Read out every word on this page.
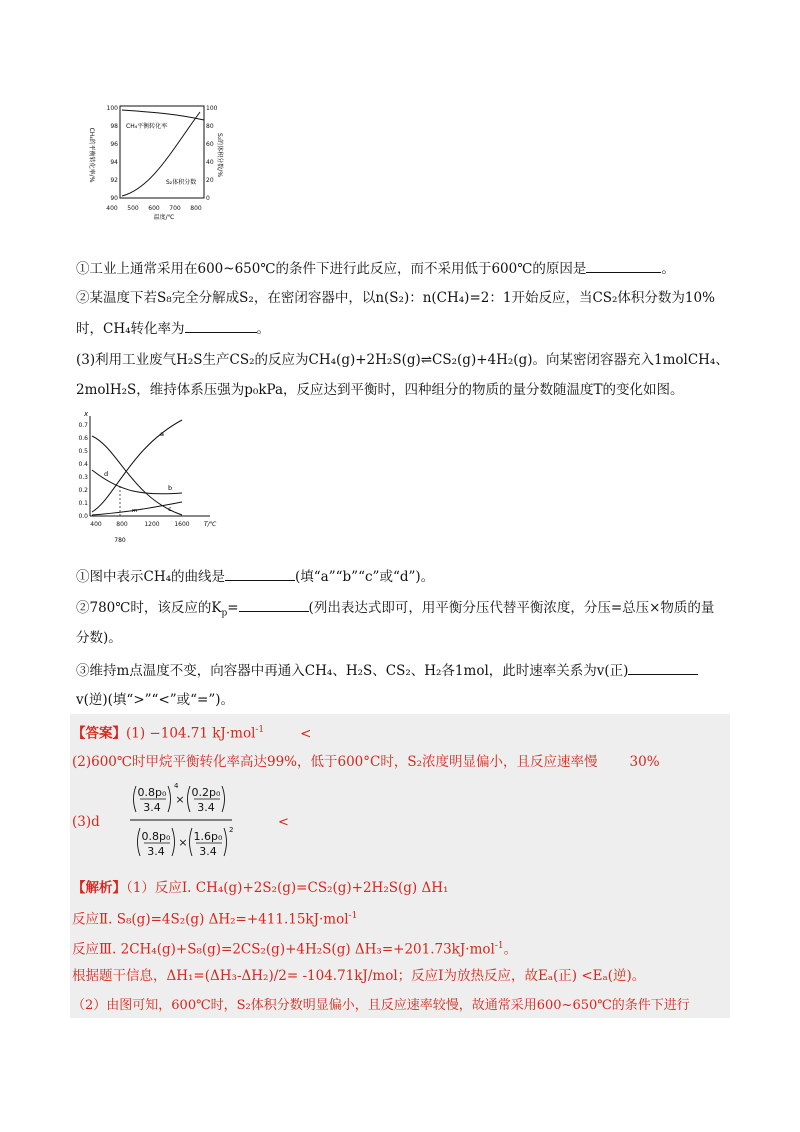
100
98
96
94
92
90
100
80
60
40
20
0
400 500 600 700 800
温度/℃
CH₄的平衡转化率/%	S₂的体积分数/%
CH₄平衡转化率
S₂体积分数
①工业上通常采用在600~650℃的条件下进行此反应，而不采用低于600℃的原因是	。
②某温度下若S₈完全分解成S₂，在密闭容器中，以n(S₂)：n(CH₄)=2：1开始反应，当CS₂体积分数为10%
时，CH₄转化率为	。
(3)利用工业废气H₂S生产CS₂的反应为CH₄(g)+2H₂S(g)⇌CS₂(g)+4H₂(g)。向某密闭容器充入1molCH₄、
2molH₂S，维持体系压强为p₀kPa，反应达到平衡时，四种组分的物质的量分数随温度T的变化如图。
x
0.0
0.1
0.2
0.3
0.4
0.5
0.6
0.7
400 800	1200 1600 T/℃
780
a
b
c
d
m
①图中表示CH₄的曲线是	(填“a”“b”“c”或“d”)。
②780℃时，该反应的$K_p=$	(列出表达式即可，用平衡分压代替平衡浓度，分压=总压×物质的量
分数)。
③维持m点温度不变，向容器中再通入CH₄、H₂S、CS₂、H₂各1mol，此时速率关系为v(正)
v(逆)(填“>”“<”或“=”)。
【答案】(1) −104.71 kJ·mol$^{-1}$	<
(2)600℃时甲烷平衡转化率高达99%，低于600°C时，S₂浓度明显偏小，且反应速率慢 30%
(3)d
0.8p₀
3.4
4
×
0.2p₀
3.4
0.8p₀
3.4
× 1.6p₀
3.4
2	<
【解析】（1）反应Ⅰ. CH₄(g)+2S₂(g)=CS₂(g)+2H₂S(g) ΔH₁
反应Ⅱ. S₈(g)=4S₂(g) ΔH₂=+411.15kJ·mol$^{-1}$
反应Ⅲ. 2CH₄(g)+S₈(g)=2CS₂(g)+4H₂S(g) ΔH₃=+201.73kJ·mol$^{-1}$。
根据题干信息，ΔH₁=(ΔH₃-ΔH₂)/2= -104.71kJ/mol；反应Ⅰ为放热反应，故Eₐ(正) <Eₐ(逆)。
（2）由图可知，600℃时，S₂体积分数明显偏小，且反应速率较慢，故通常采用600~650℃的条件下进行
